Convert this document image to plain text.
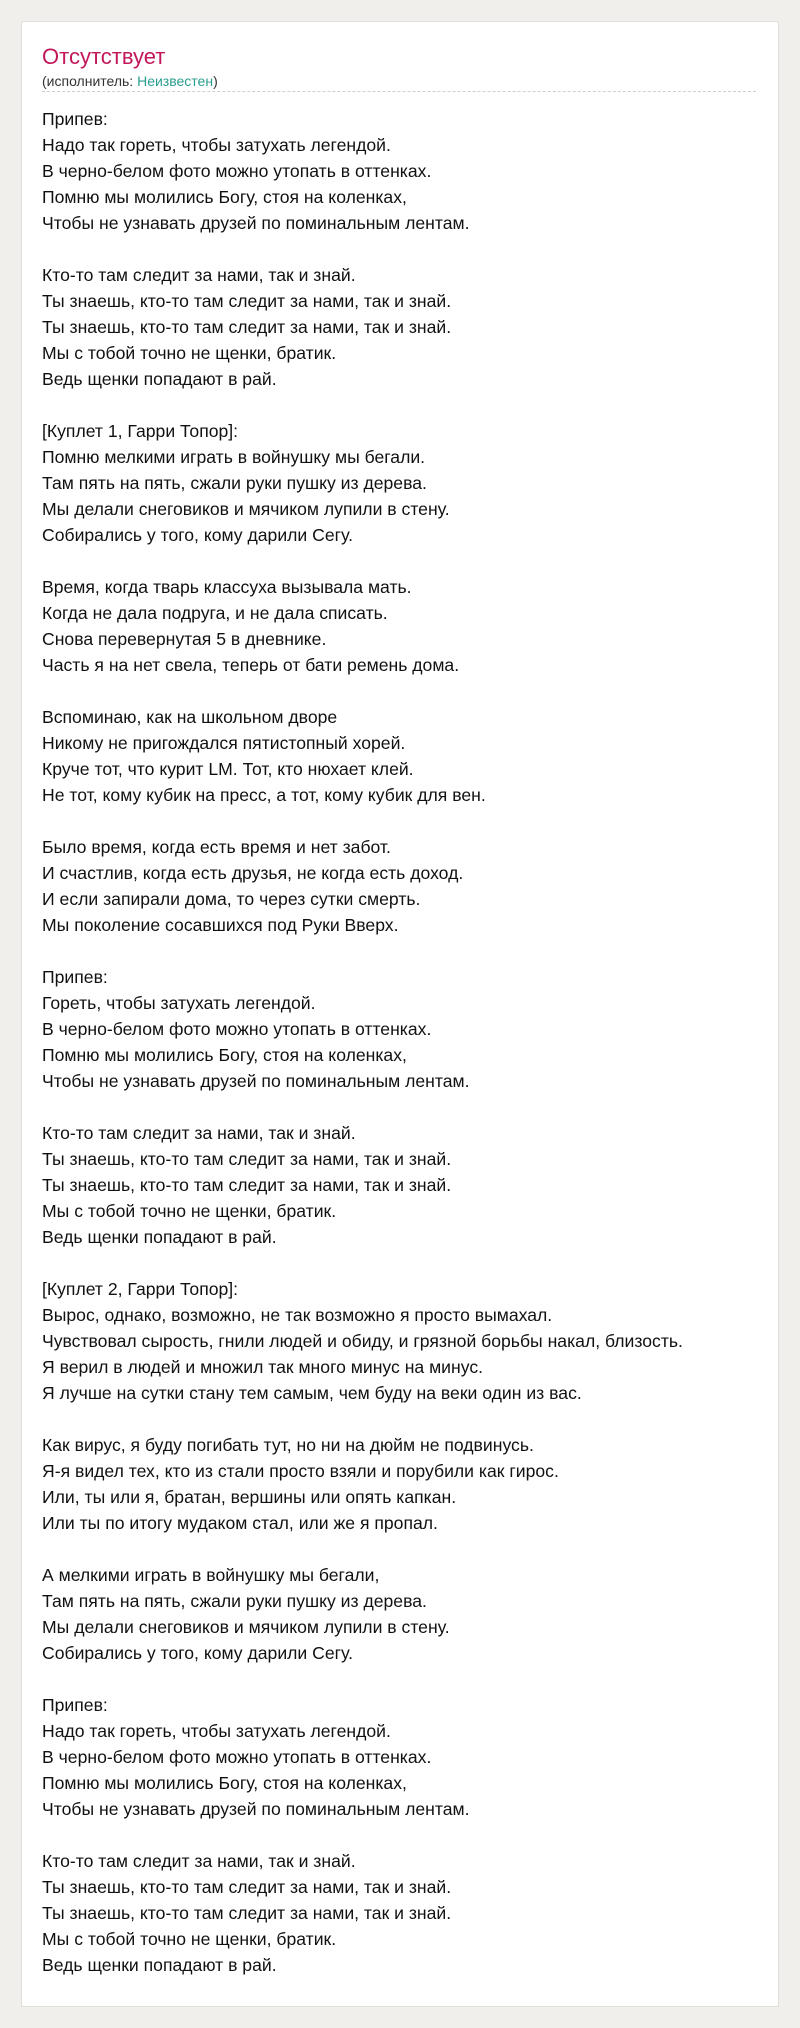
Отсутствует
(исполнитель: Неизвестен)
Припев:
Надо так гореть, чтобы затухать легендой.
В черно-белом фото можно утопать в оттенках.
Помню мы молились Богу, стоя на коленках,
Чтобы не узнавать друзей по поминальным лентам.
Кто-то там следит за нами, так и знай.
Ты знаешь, кто-то там следит за нами, так и знай.
Ты знаешь, кто-то там следит за нами, так и знай.
Мы с тобой точно не щенки, братик.
Ведь щенки попадают в рай.
[Куплет 1, Гарри Топор]:
Помню мелкими играть в войнушку мы бегали.
Там пять на пять, сжали руки пушку из дерева.
Мы делали снеговиков и мячиком лупили в стену.
Собирались у того, кому дарили Сегу.
Время, когда тварь классуха вызывала мать.
Когда не дала подруга, и не дала списать.
Снова перевернутая 5 в дневнике.
Часть я на нет свела, теперь от бати ремень дома.
Вспоминаю, как на школьном дворе
Никому не пригождался пятистопный хорей.
Круче тот, что курит LM. Тот, кто нюхает клей.
Не тот, кому кубик на пресс, а тот, кому кубик для вен.
Было время, когда есть время и нет забот.
И счастлив, когда есть друзья, не когда есть доход.
И если запирали дома, то через сутки смерть.
Мы поколение сосавшихся под Руки Вверх.
Припев:
Гореть, чтобы затухать легендой.
В черно-белом фото можно утопать в оттенках.
Помню мы молились Богу, стоя на коленках,
Чтобы не узнавать друзей по поминальным лентам.
Кто-то там следит за нами, так и знай.
Ты знаешь, кто-то там следит за нами, так и знай.
Ты знаешь, кто-то там следит за нами, так и знай.
Мы с тобой точно не щенки, братик.
Ведь щенки попадают в рай.
[Куплет 2, Гарри Топор]:
Вырос, однако, возможно, не так возможно я просто вымахал.
Чувствовал сырость, гнили людей и обиду, и грязной борьбы накал, близость.
Я верил в людей и множил так много минус на минус.
Я лучше на сутки стану тем самым, чем буду на веки один из вас.
Как вирус, я буду погибать тут, но ни на дюйм не подвинусь.
Я-я видел тех, кто из стали просто взяли и порубили как гирос.
Или, ты или я, братан, вершины или опять капкан.
Или ты по итогу мудаком стал, или же я пропал.
А мелкими играть в войнушку мы бегали,
Там пять на пять, сжали руки пушку из дерева.
Мы делали снеговиков и мячиком лупили в стену.
Собирались у того, кому дарили Сегу.
Припев:
Надо так гореть, чтобы затухать легендой.
В черно-белом фото можно утопать в оттенках.
Помню мы молились Богу, стоя на коленках,
Чтобы не узнавать друзей по поминальным лентам.
Кто-то там следит за нами, так и знай.
Ты знаешь, кто-то там следит за нами, так и знай.
Ты знаешь, кто-то там следит за нами, так и знай.
Мы с тобой точно не щенки, братик.
Ведь щенки попадают в рай.
